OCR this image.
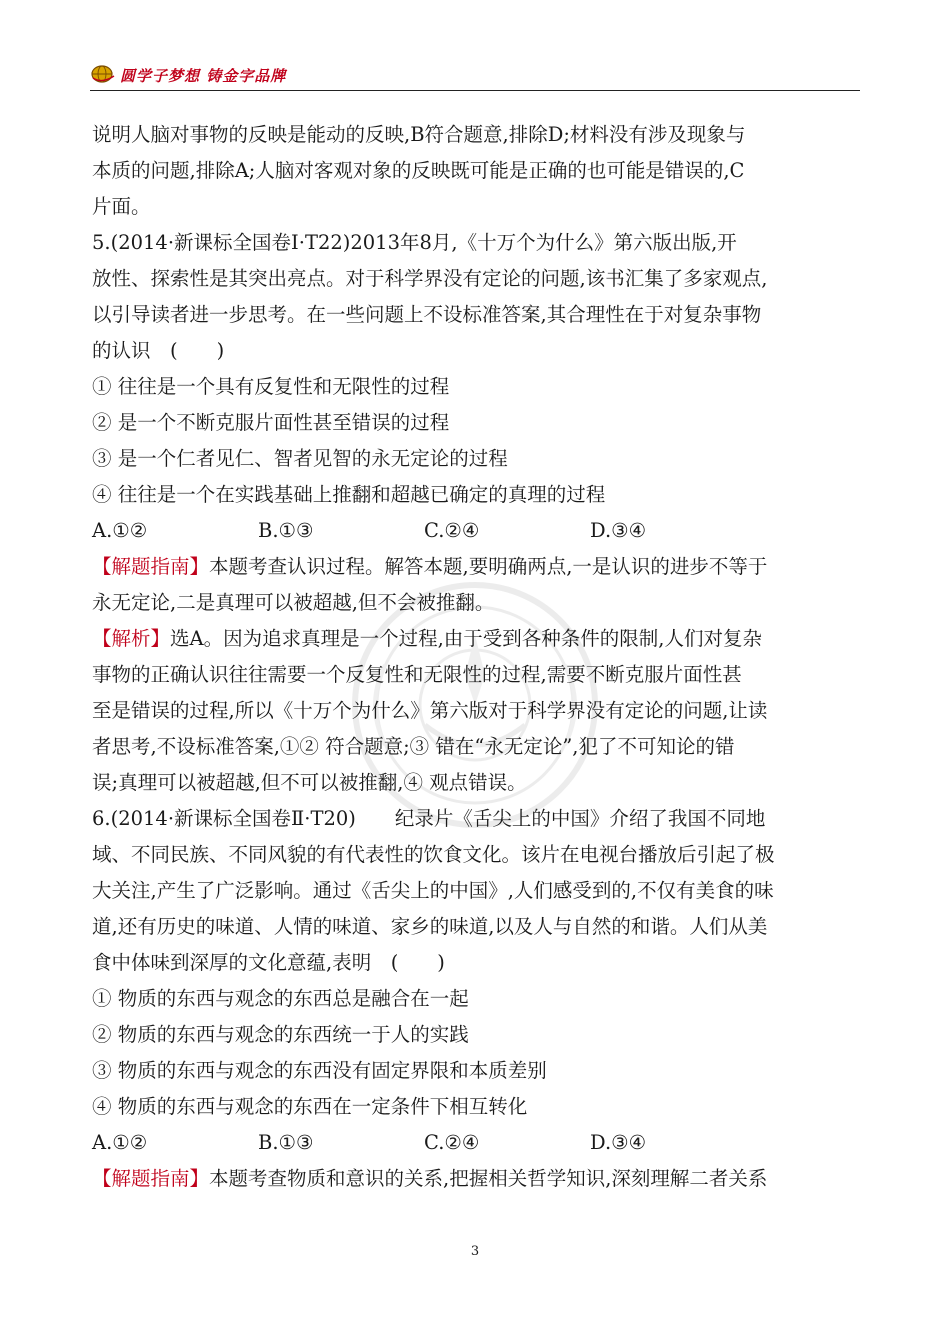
圆学子梦想 铸金字品牌

说明人脑对事物的反映是能动的反映,B符合题意,排除D;材料没有涉及现象与

本质的问题,排除A;人脑对客观对象的反映既可能是正确的也可能是错误的,C

片面。

5.(2014·新课标全国卷Ⅰ·T22)2013年8月,《十万个为什么》第六版出版,开

放性、探索性是其突出亮点。对于科学界没有定论的问题,该书汇集了多家观点,

以引导读者进一步思考。在一些问题上不设标准答案,其合理性在于对复杂事物

的认识　(　　)

① 往往是一个具有反复性和无限性的过程

② 是一个不断克服片面性甚至错误的过程

③ 是一个仁者见仁、智者见智的永无定论的过程

④ 往往是一个在实践基础上推翻和超越已确定的真理的过程

A.①②	B.①③	C.②④	D.③④

【解题指南】本题考查认识过程。解答本题,要明确两点,一是认识的进步不等于

永无定论,二是真理可以被超越,但不会被推翻。

【解析】选A。因为追求真理是一个过程,由于受到各种条件的限制,人们对复杂

事物的正确认识往往需要一个反复性和无限性的过程,需要不断克服片面性甚

至是错误的过程,所以《十万个为什么》第六版对于科学界没有定论的问题,让读

者思考,不设标准答案,①② 符合题意;③ 错在“永无定论”,犯了不可知论的错

误;真理可以被超越,但不可以被推翻,④ 观点错误。

6.(2014·新课标全国卷Ⅱ·T20)　　纪录片《舌尖上的中国》介绍了我国不同地

域、不同民族、不同风貌的有代表性的饮食文化。该片在电视台播放后引起了极

大关注,产生了广泛影响。通过《舌尖上的中国》,人们感受到的,不仅有美食的味

道,还有历史的味道、人情的味道、家乡的味道,以及人与自然的和谐。人们从美

食中体味到深厚的文化意蕴,表明　(　　)

① 物质的东西与观念的东西总是融合在一起

② 物质的东西与观念的东西统一于人的实践

③ 物质的东西与观念的东西没有固定界限和本质差别

④ 物质的东西与观念的东西在一定条件下相互转化

A.①②	B.①③	C.②④	D.③④

【解题指南】本题考查物质和意识的关系,把握相关哲学知识,深刻理解二者关系

3
